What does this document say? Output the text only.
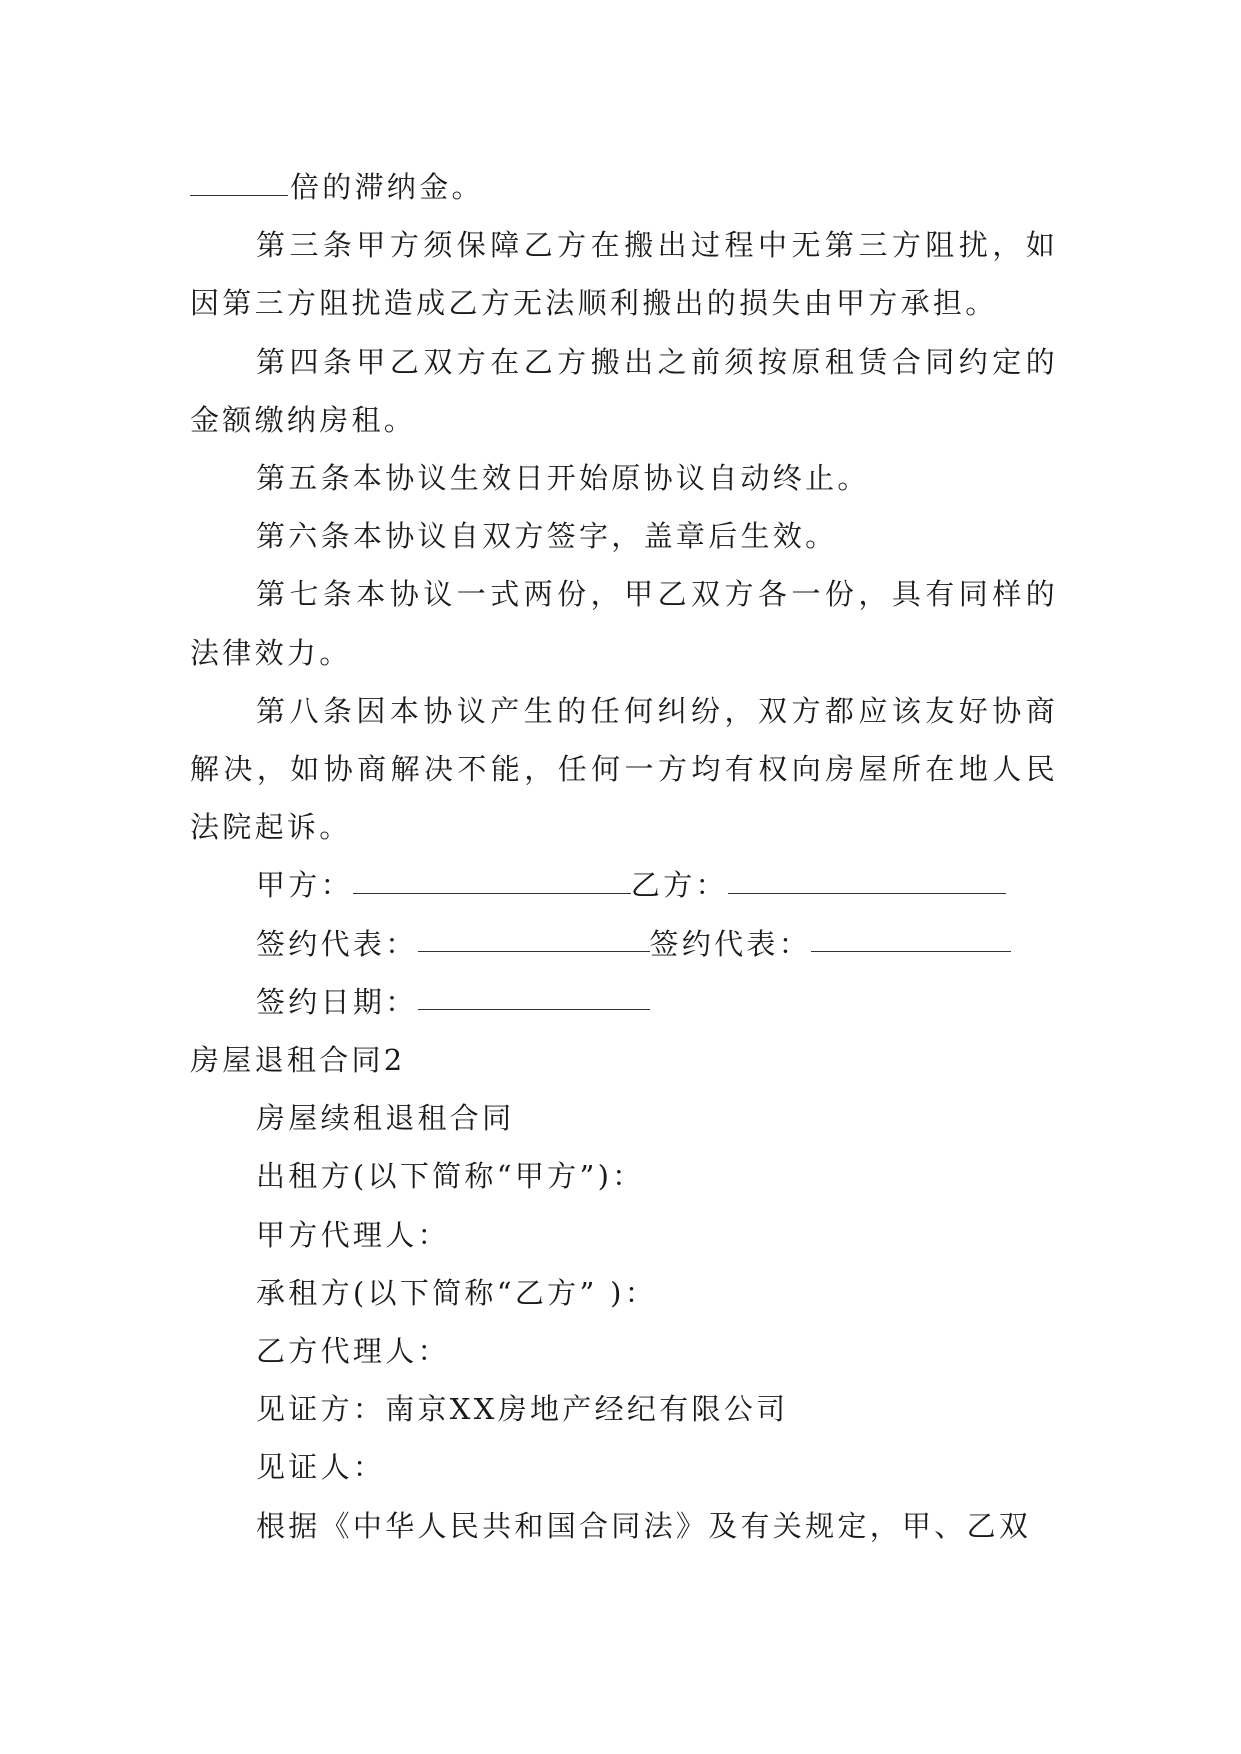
倍的滞纳金。

第三条甲方须保障乙方在搬出过程中无第三方阻扰，如因第三方阻扰造成乙方无法顺利搬出的损失由甲方承担。

第四条甲乙双方在乙方搬出之前须按原租赁合同约定的金额缴纳房租。

第五条本协议生效日开始原协议自动终止。

第六条本协议自双方签字，盖章后生效。

第七条本协议一式两份，甲乙双方各一份，具有同样的法律效力。

第八条因本协议产生的任何纠纷，双方都应该友好协商解决，如协商解决不能，任何一方均有权向房屋所在地人民法院起诉。

甲方：	乙方：

签约代表：	签约代表：

签约日期：

房屋退租合同2

房屋续租退租合同

出租方(以下简称“甲方”)：

甲方代理人：

承租方(以下简称“乙方” )：

乙方代理人：

见证方：南京XX房地产经纪有限公司

见证人：

根据《中华人民共和国合同法》及有关规定，甲、乙双
